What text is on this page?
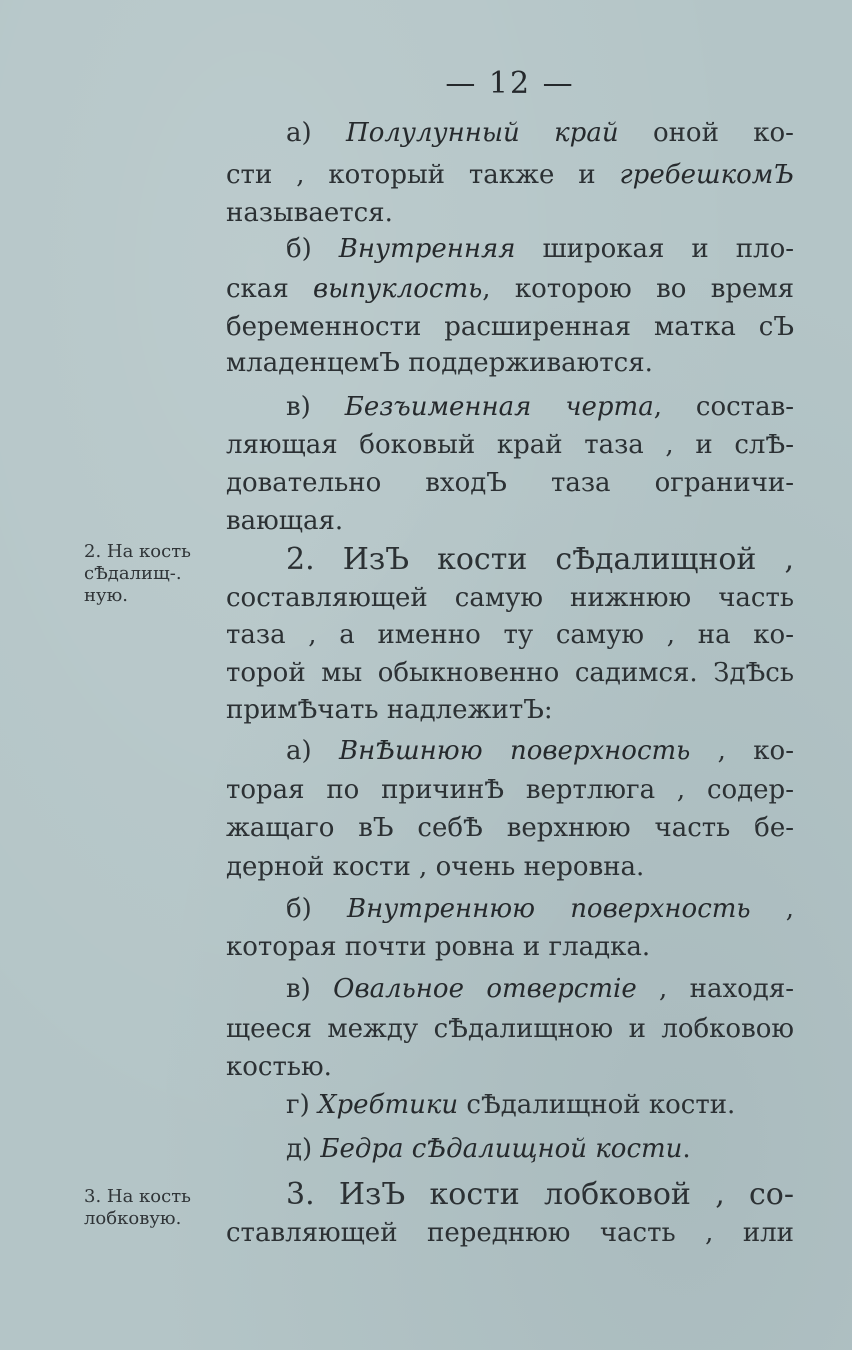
— 12 —
а) Полулунный край оной ко-
сти , который также и гребешкомЪ
называется.
б) Внутренняя широкая и пло-
ская выпуклость, которою во время
беременности расширенная матка сЪ
младенцемЪ поддерживаются.
в) Безъименная черта, состав-
ляющая боковый край таза , и слѢ-
довательно входЪ таза ограничи-
вающая.
2. ИзЪ кости сѢдалищной ,
составляющей самую нижнюю часть
таза , а именно ту самую , на ко-
торой мы обыкновенно садимся. ЗдѢсь
примѢчать надлежитЪ:
а) ВнѢшнюю поверхность , ко-
торая по причинѢ вертлюга , содер-
жащаго вЪ себѢ верхнюю часть бе-
дерной кости , очень неровна.
б) Внутреннюю поверхность ,
которая почти ровна и гладка.
в) Овальное отверстіе , находя-
щееся между сѢдалищною и лобковою
костью.
г) Хребтики сѢдалищной кости.
д) Бедра сѢдалищной кости.
3. ИзЪ кости лобковой , со-
ставляющей переднюю часть , или
2. На кость
сѢдалищ-.
ную.
3. На кость
лобковую.
